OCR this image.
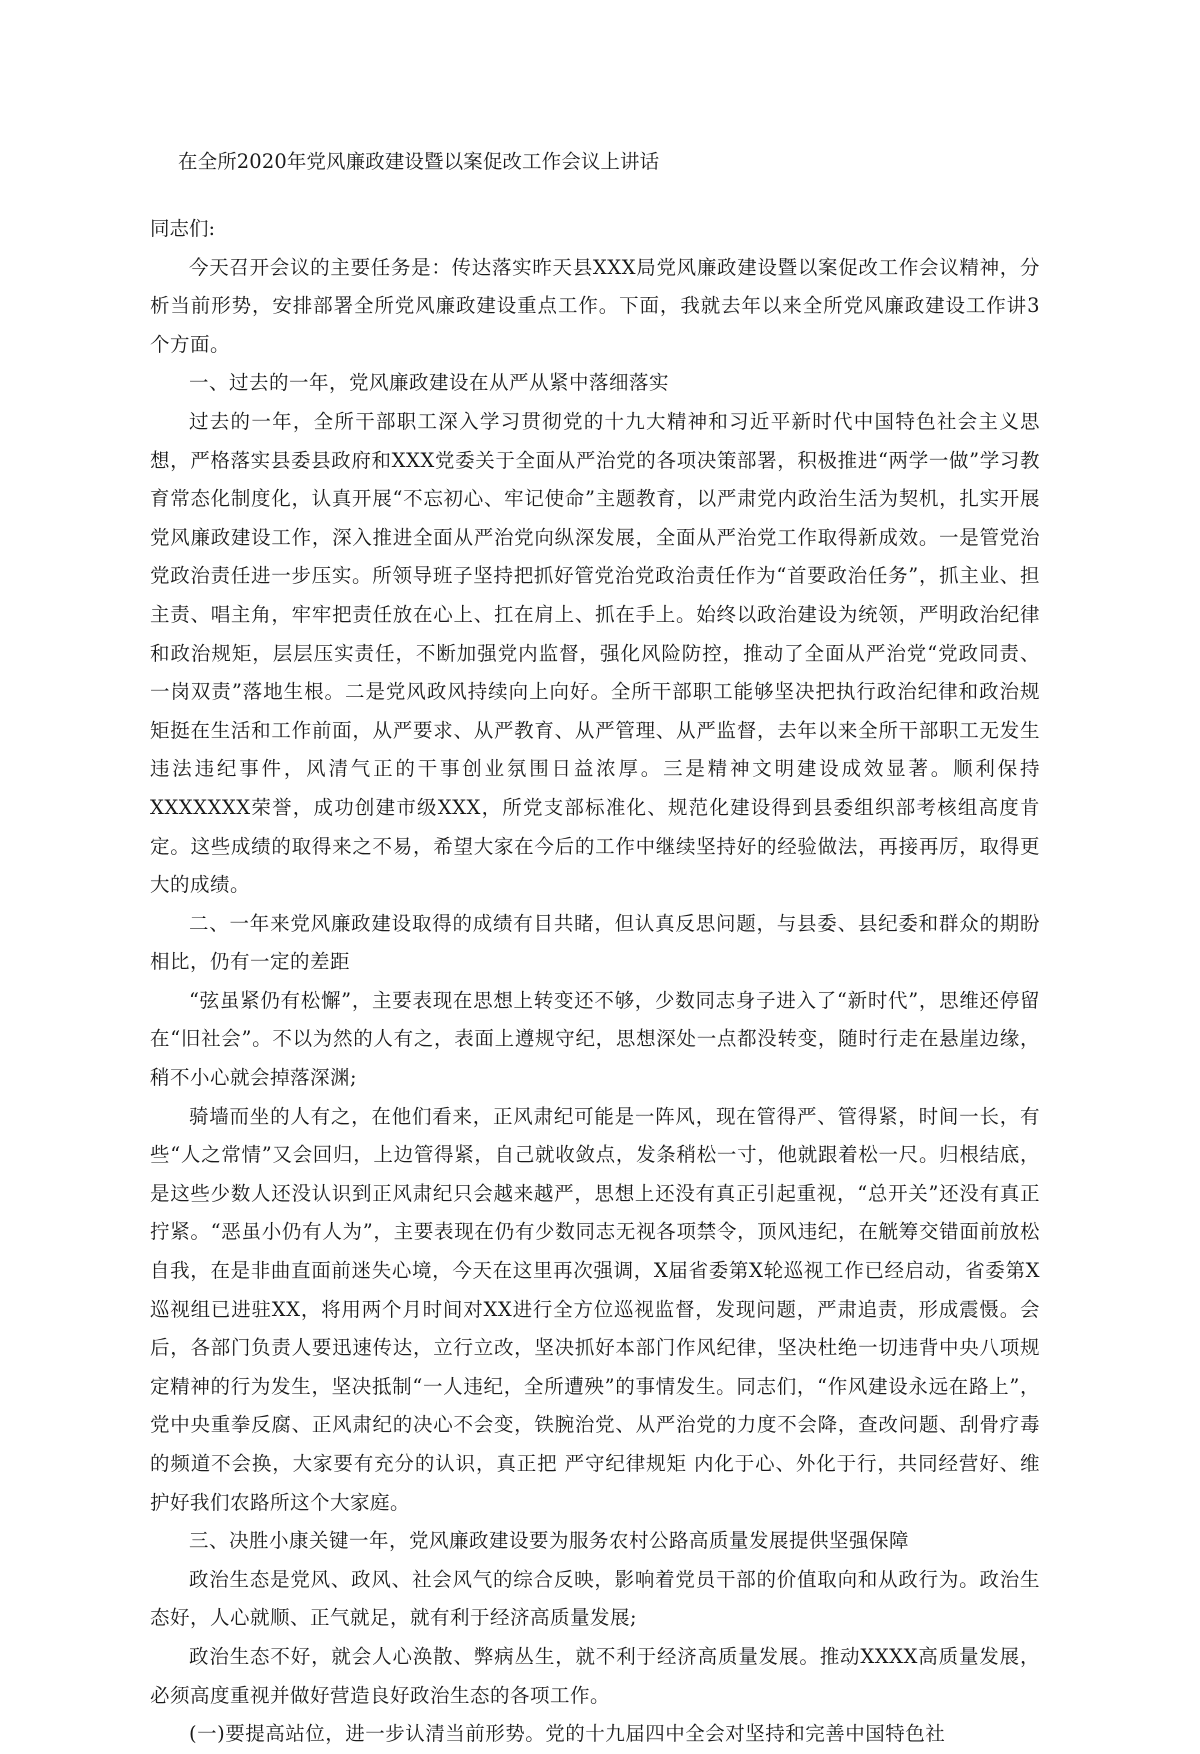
在全所2020年党风廉政建设暨以案促改工作会议上讲话

同志们:

今天召开会议的主要任务是：传达落实昨天县XXX局党风廉政建设暨以案促改工作会议精神，分析当前形势，安排部署全所党风廉政建设重点工作。下面，我就去年以来全所党风廉政建设工作讲3个方面。

一、过去的一年，党风廉政建设在从严从紧中落细落实

过去的一年，全所干部职工深入学习贯彻党的十九大精神和习近平新时代中国特色社会主义思想，严格落实县委县政府和XXX党委关于全面从严治党的各项决策部署，积极推进“两学一做”学习教育常态化制度化，认真开展“不忘初心、牢记使命”主题教育，以严肃党内政治生活为契机，扎实开展党风廉政建设工作，深入推进全面从严治党向纵深发展，全面从严治党工作取得新成效。一是管党治党政治责任进一步压实。所领导班子坚持把抓好管党治党政治责任作为“首要政治任务”，抓主业、担主责、唱主角，牢牢把责任放在心上、扛在肩上、抓在手上。始终以政治建设为统领，严明政治纪律和政治规矩，层层压实责任，不断加强党内监督，强化风险防控，推动了全面从严治党“党政同责、一岗双责”落地生根。二是党风政风持续向上向好。全所干部职工能够坚决把执行政治纪律和政治规矩挺在生活和工作前面，从严要求、从严教育、从严管理、从严监督，去年以来全所干部职工无发生违法违纪事件，风清气正的干事创业氛围日益浓厚。三是精神文明建设成效显著。顺利保持XXXXXXX荣誉，成功创建市级XXX，所党支部标准化、规范化建设得到县委组织部考核组高度肯定。这些成绩的取得来之不易，希望大家在今后的工作中继续坚持好的经验做法，再接再厉，取得更大的成绩。

二、一年来党风廉政建设取得的成绩有目共睹，但认真反思问题，与县委、县纪委和群众的期盼相比，仍有一定的差距

“弦虽紧仍有松懈”，主要表现在思想上转变还不够，少数同志身子进入了“新时代”，思维还停留在“旧社会”。不以为然的人有之，表面上遵规守纪，思想深处一点都没转变，随时行走在悬崖边缘，稍不小心就会掉落深渊;

骑墙而坐的人有之，在他们看来，正风肃纪可能是一阵风，现在管得严、管得紧，时间一长，有些“人之常情”又会回归，上边管得紧，自己就收敛点，发条稍松一寸，他就跟着松一尺。归根结底，是这些少数人还没认识到正风肃纪只会越来越严，思想上还没有真正引起重视，“总开关”还没有真正拧紧。“恶虽小仍有人为”，主要表现在仍有少数同志无视各项禁令，顶风违纪，在觥筹交错面前放松自我，在是非曲直面前迷失心境，今天在这里再次强调，X届省委第X轮巡视工作已经启动，省委第X巡视组已进驻XX，将用两个月时间对XX进行全方位巡视监督，发现问题，严肃追责，形成震慑。会后，各部门负责人要迅速传达，立行立改，坚决抓好本部门作风纪律，坚决杜绝一切违背中央八项规定精神的行为发生，坚决抵制“一人违纪，全所遭殃”的事情发生。同志们，“作风建设永远在路上”，党中央重拳反腐、正风肃纪的决心不会变，铁腕治党、从严治党的力度不会降，查改问题、刮骨疗毒的频道不会换，大家要有充分的认识，真正把 严守纪律规矩 内化于心、外化于行，共同经营好、维护好我们农路所这个大家庭。

三、决胜小康关键一年，党风廉政建设要为服务农村公路高质量发展提供坚强保障

政治生态是党风、政风、社会风气的综合反映，影响着党员干部的价值取向和从政行为。政治生态好，人心就顺、正气就足，就有利于经济高质量发展;

政治生态不好，就会人心涣散、弊病丛生，就不利于经济高质量发展。推动XXXX高质量发展，必须高度重视并做好营造良好政治生态的各项工作。

(一)要提高站位，进一步认清当前形势。党的十九届四中全会对坚持和完善中国特色社
